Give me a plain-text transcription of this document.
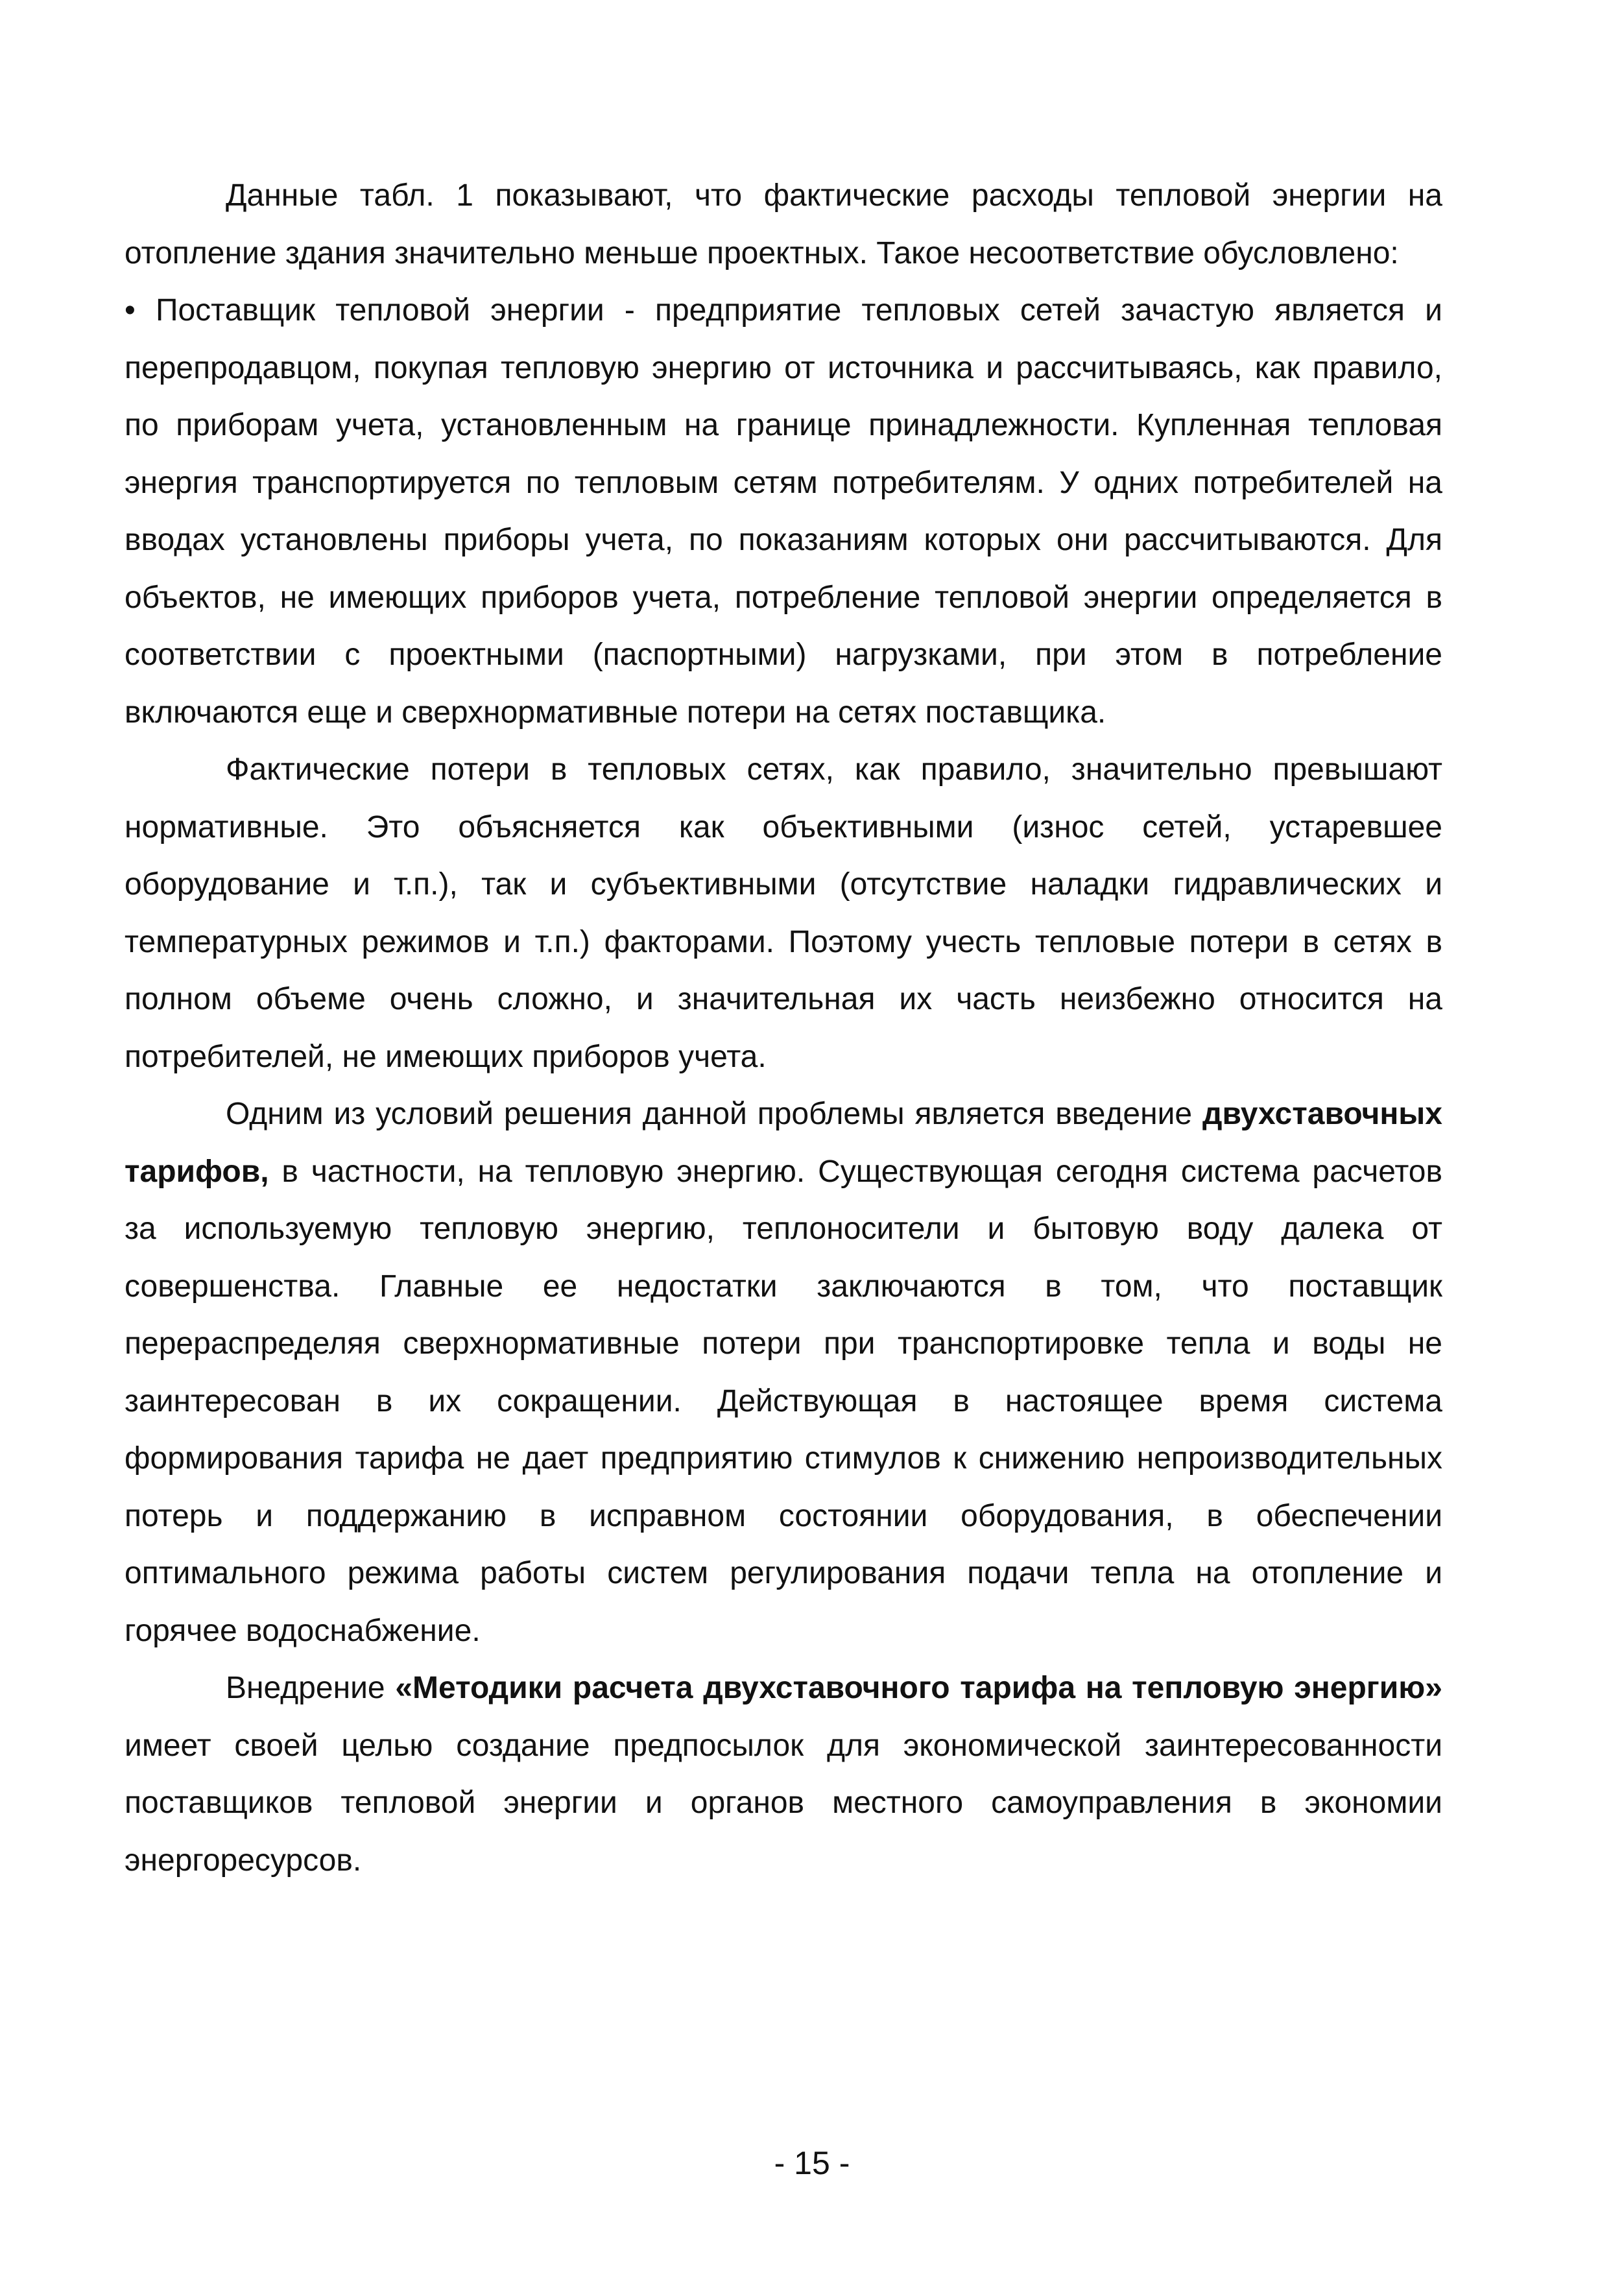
Данные табл. 1 показывают, что фактические расходы тепловой энергии на отопление здания значительно меньше проектных. Такое несоответствие обусловлено:

• Поставщик тепловой энергии - предприятие тепловых сетей зачастую является и перепродавцом, покупая тепловую энергию от источника и рассчитываясь, как правило, по приборам учета, установленным на границе принадлежности. Купленная тепловая энергия транспортируется по тепловым сетям потребителям. У одних потребителей на вводах установлены приборы учета, по показаниям которых они рассчитываются. Для объектов, не имеющих приборов учета, потребление тепловой энергии определяется в соответствии с проектными (паспортными) нагрузками, при этом в потребление включаются еще и сверхнормативные потери на сетях поставщика.

Фактические потери в тепловых сетях, как правило, значительно превышают нормативные. Это объясняется как объективными (износ сетей, устаревшее оборудование и т.п.), так и субъективными (отсутствие наладки гидравлических и температурных режимов и т.п.) факторами. Поэтому учесть тепловые потери в сетях в полном объеме очень сложно, и значительная их часть неизбежно относится на потребителей, не имеющих приборов учета.

Одним из условий решения данной проблемы является введение двухставочных тарифов, в частности, на тепловую энергию. Существующая сегодня система расчетов за используемую тепловую энергию, теплоносители и бытовую воду далека от совершенства. Главные ее недостатки заключаются в том, что поставщик перераспределяя сверхнормативные потери при транспортировке тепла и воды не заинтересован в их сокращении. Действующая в настоящее время система формирования тарифа не дает предприятию стимулов к снижению непроизводительных потерь и поддержанию в исправном состоянии оборудования, в обеспечении оптимального режима работы систем регулирования подачи тепла на отопление и горячее водоснабжение.

Внедрение «Методики расчета двухставочного тарифа на тепловую энергию» имеет своей целью создание предпосылок для экономической заинтересованности поставщиков тепловой энергии и органов местного самоуправления в экономии энергоресурсов.

- 15 -
